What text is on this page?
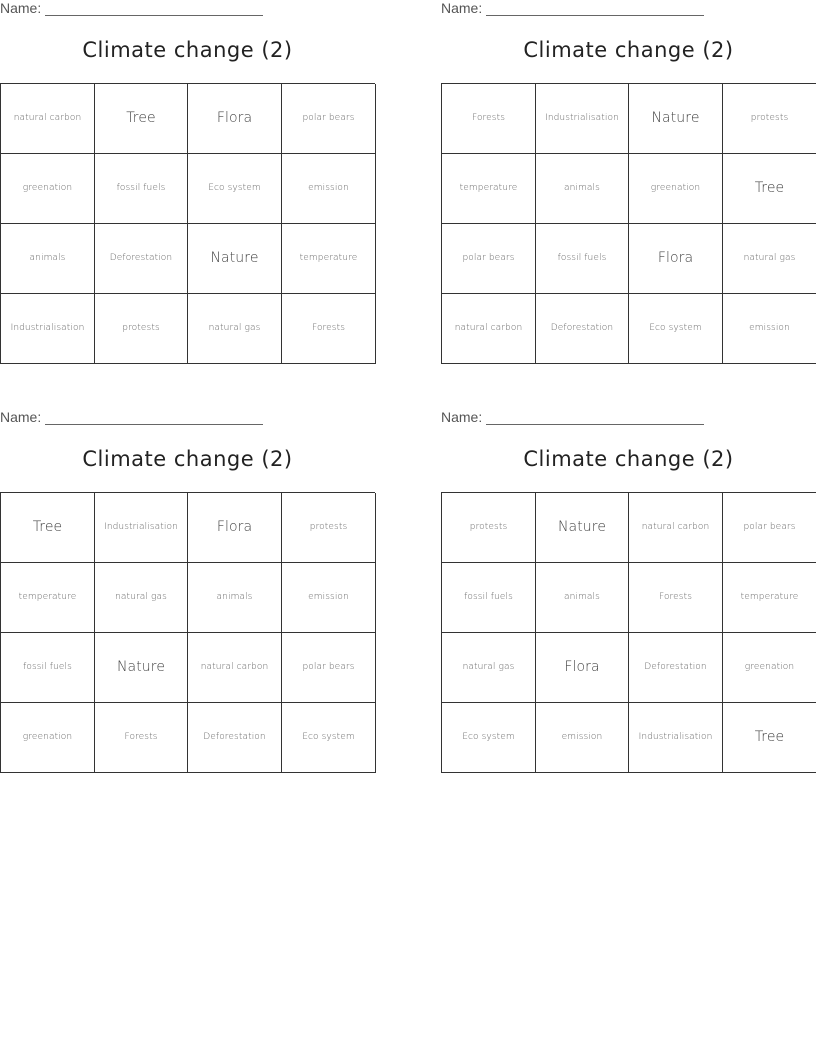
Name:
Climate change (2)
natural carbon	Tree	Flora	polar bears
greenation	fossil fuels	Eco system	emission
animals	Deforestation	Nature	temperature
Industrialisation	protests	natural gas	Forests
Name:
Climate change (2)
Forests	Industrialisation	Nature	protests
temperature	animals	greenation	Tree
polar bears	fossil fuels	Flora	natural gas
natural carbon	Deforestation	Eco system	emission
Name:
Climate change (2)
Tree	Industrialisation	Flora	protests
temperature	natural gas	animals	emission
fossil fuels	Nature	natural carbon	polar bears
greenation	Forests	Deforestation	Eco system
Name:
Climate change (2)
protests	Nature	natural carbon	polar bears
fossil fuels	animals	Forests	temperature
natural gas	Flora	Deforestation	greenation
Eco system	emission	Industrialisation	Tree
